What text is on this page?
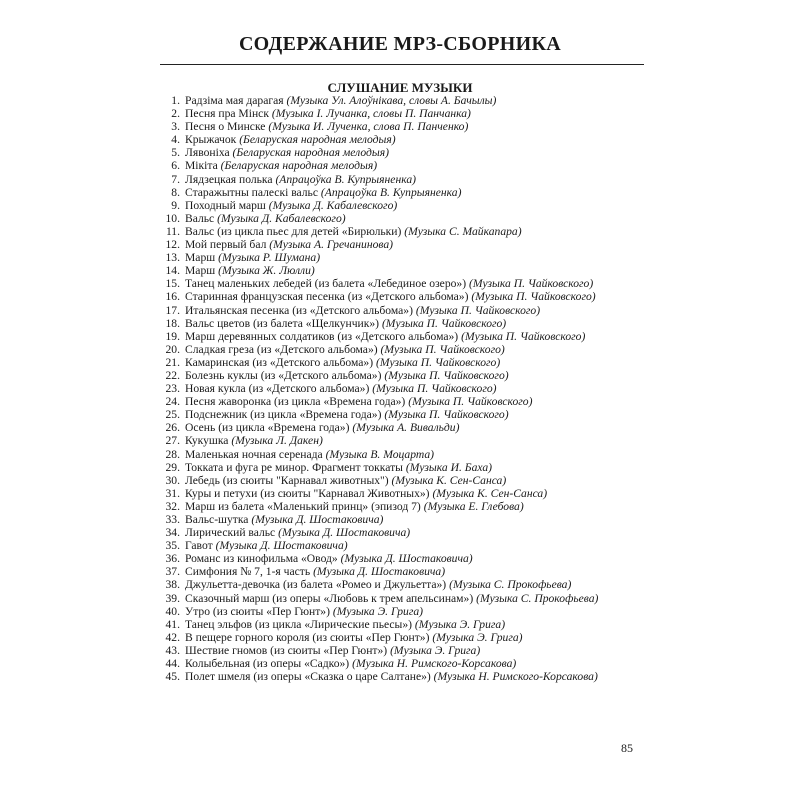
СОДЕРЖАНИЕ МРЗ-СБОРНИКА
СЛУШАНИЕ МУЗЫКИ
1. Радзіма мая дарагая (Музыка Ул. Алоўнікава, словы А. Бачылы)
2. Песня пра Мінск (Музыка І. Лучанка, словы П. Панчанка)
3. Песня о Минске (Музыка И. Лученка, слова П. Панченко)
4. Крыжачок (Беларуская народная мелодыя)
5. Лявоніха (Беларуская народная мелодыя)
6. Мікіта (Беларуская народная мелодыя)
7. Лядзецкая полька (Апрацоўка В. Купрыяненка)
8. Старажытны палескі вальс (Апрацоўка В. Купрыяненка)
9. Походный марш (Музыка Д. Кабалевского)
10. Вальс (Музыка Д. Кабалевского)
11. Вальс (из цикла пьес для детей «Бирюльки) (Музыка С. Майкапара)
12. Мой первый бал (Музыка А. Гречанинова)
13. Марш (Музыка Р. Шумана)
14. Марш (Музыка Ж. Люлли)
15. Танец маленьких лебедей (из балета «Лебединое озеро») (Музыка П. Чайковского)
16. Старинная французская песенка (из «Детского альбома») (Музыка П. Чайковского)
17. Итальянская песенка (из «Детского альбома») (Музыка П. Чайковского)
18. Вальс цветов (из балета «Щелкунчик») (Музыка П. Чайковского)
19. Марш деревянных солдатиков (из «Детского альбома») (Музыка П. Чайковского)
20. Сладкая греза (из «Детского альбома») (Музыка П. Чайковского)
21. Камаринская (из «Детского альбома») (Музыка П. Чайковского)
22. Болезнь куклы (из «Детского альбома») (Музыка П. Чайковского)
23. Новая кукла (из «Детского альбома») (Музыка П. Чайковского)
24. Песня жаворонка (из цикла «Времена года») (Музыка П. Чайковского)
25. Подснежник (из цикла «Времена года») (Музыка П. Чайковского)
26. Осень (из цикла «Времена года») (Музыка А. Вивальди)
27. Кукушка (Музыка Л. Дакен)
28. Маленькая ночная серенада (Музыка В. Моцарта)
29. Токката и фуга ре минор. Фрагмент токкаты (Музыка И. Баха)
30. Лебедь (из сюиты "Карнавал животных") (Музыка К. Сен-Санса)
31. Куры и петухи (из сюиты "Карнавал Животных») (Музыка К. Сен-Санса)
32. Марш из балета «Маленький принц» (эпизод 7) (Музыка Е. Глебова)
33. Вальс-шутка (Музыка Д. Шостаковича)
34. Лирический вальс (Музыка Д. Шостаковича)
35. Гавот (Музыка Д. Шостаковича)
36. Романс из кинофильма «Овод» (Музыка Д. Шостаковича)
37. Симфония № 7, 1-я часть (Музыка Д. Шостаковича)
38. Джульетта-девочка (из балета «Ромео и Джульетта») (Музыка С. Прокофьева)
39. Сказочный марш (из оперы «Любовь к трем апельсинам») (Музыка С. Прокофьева)
40. Утро (из сюиты «Пер Гюнт») (Музыка Э. Грига)
41. Танец эльфов (из цикла «Лирические пьесы») (Музыка Э. Грига)
42. В пещере горного короля (из сюиты «Пер Гюнт») (Музыка Э. Грига)
43. Шествие гномов (из сюиты «Пер Гюнт») (Музыка Э. Грига)
44. Колыбельная (из оперы «Садко») (Музыка Н. Римского-Корсакова)
45. Полет шмеля (из оперы «Сказка о царе Салтане») (Музыка Н. Римского-Корсакова)
85
